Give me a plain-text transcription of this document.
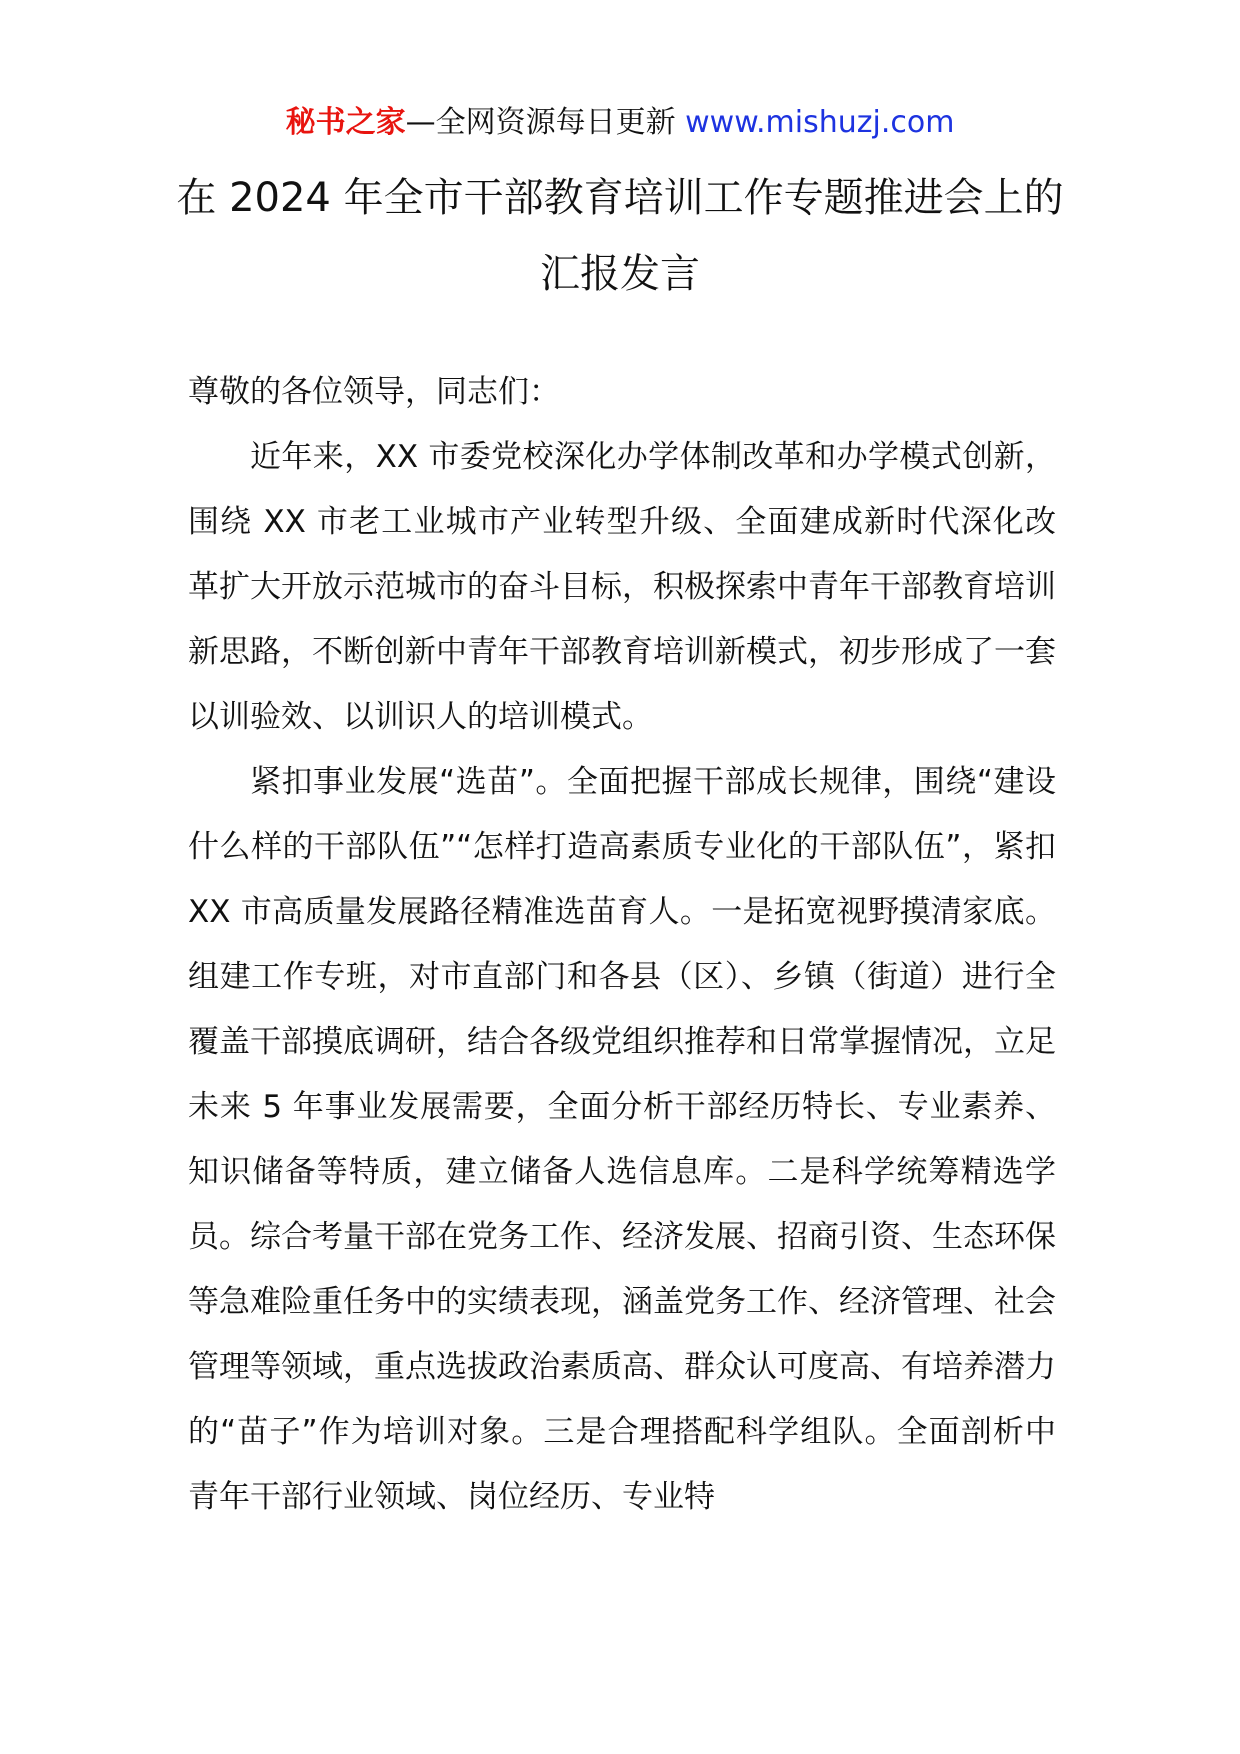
秘书之家—全网资源每日更新 www.mishuzj.com
在 2024 年全市干部教育培训工作专题推进会上的汇报发言

尊敬的各位领导，同志们：

近年来，XX 市委党校深化办学体制改革和办学模式创新，围绕 XX 市老工业城市产业转型升级、全面建成新时代深化改革扩大开放示范城市的奋斗目标，积极探索中青年干部教育培训新思路，不断创新中青年干部教育培训新模式，初步形成了一套以训验效、以训识人的培训模式。

紧扣事业发展“选苗”。全面把握干部成长规律，围绕“建设什么样的干部队伍”“怎样打造高素质专业化的干部队伍”，紧扣 XX 市高质量发展路径精准选苗育人。一是拓宽视野摸清家底。组建工作专班，对市直部门和各县（区）、乡镇（街道）进行全覆盖干部摸底调研，结合各级党组织推荐和日常掌握情况，立足未来 5 年事业发展需要，全面分析干部经历特长、专业素养、知识储备等特质，建立储备人选信息库。二是科学统筹精选学员。综合考量干部在党务工作、经济发展、招商引资、生态环保等急难险重任务中的实绩表现，涵盖党务工作、经济管理、社会管理等领域，重点选拔政治素质高、群众认可度高、有培养潜力的“苗子”作为培训对象。三是合理搭配科学组队。全面剖析中青年干部行业领域、岗位经历、专业特
